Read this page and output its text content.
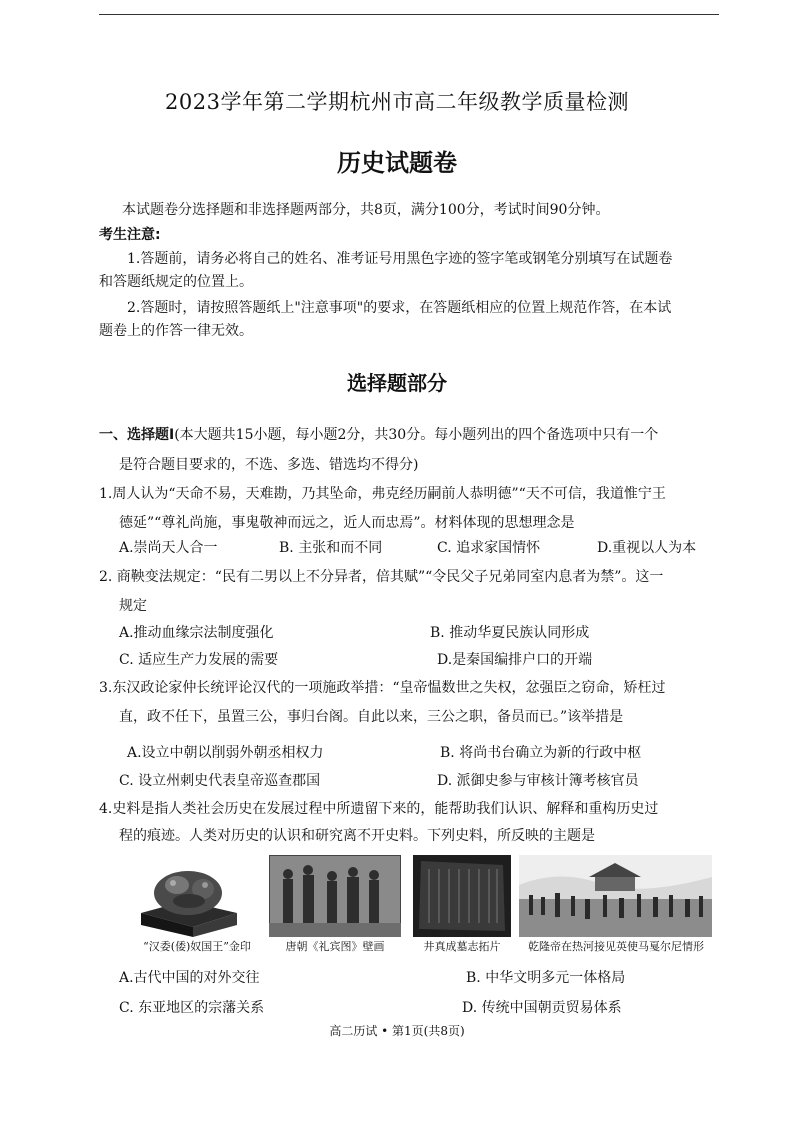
2023学年第二学期杭州市高二年级教学质量检测
历史试题卷
本试题卷分选择题和非选择题两部分，共8页，满分100分，考试时间90分钟。
考生注意:
1.答题前，请务必将自己的姓名、准考证号用黑色字迹的签字笔或钢笔分别填写在试题卷
和答题纸规定的位置上。
2.答题时，请按照答题纸上"注意事项"的要求，在答题纸相应的位置上规范作答，在本试
题卷上的作答一律无效。
选择题部分
一、选择题Ⅰ(本大题共15小题，每小题2分，共30分。每小题列出的四个备选项中只有一个
是符合题目要求的，不选、多选、错选均不得分)
1.周人认为“天命不易，天难勘，乃其坠命，弗克经历嗣前人恭明德”“天不可信，我道惟宁王
德延”“尊礼尚施，事鬼敬神而远之，近人而忠焉”。材料体现的思想理念是
A.崇尚天人合一	B. 主张和而不同	C. 追求家国情怀	D.重视以人为本
2. 商鞅变法规定：“民有二男以上不分异者，倍其赋”“令民父子兄弟同室内息者为禁”。这一
规定
A.推动血缘宗法制度强化	B. 推动华夏民族认同形成
C. 适应生产力发展的需要	D.是秦国编排户口的开端
3.东汉政论家仲长统评论汉代的一项施政举措：“皇帝愠数世之失权，忿强臣之窃命，矫枉过
直，政不任下，虽置三公，事归台阁。自此以来，三公之职，备员而已。”该举措是
A.设立中朝以削弱外朝丞相权力	B. 将尚书台确立为新的行政中枢
C. 设立州刺史代表皇帝巡查郡国	D. 派御史参与审核计簿考核官员
4.史料是指人类社会历史在发展过程中所遗留下来的，能帮助我们认识、解释和重构历史过
程的痕迹。人类对历史的认识和研究离不开史料。下列史料，所反映的主题是
“汉委(倭)奴国王”金印	唐朝《礼宾图》壁画	井真成墓志拓片	乾隆帝在热河接见英使马戛尔尼情形
A.古代中国的对外交往	B. 中华文明多元一体格局
C. 东亚地区的宗藩关系	D. 传统中国朝贡贸易体系
高二历试 • 第1页(共8页)
